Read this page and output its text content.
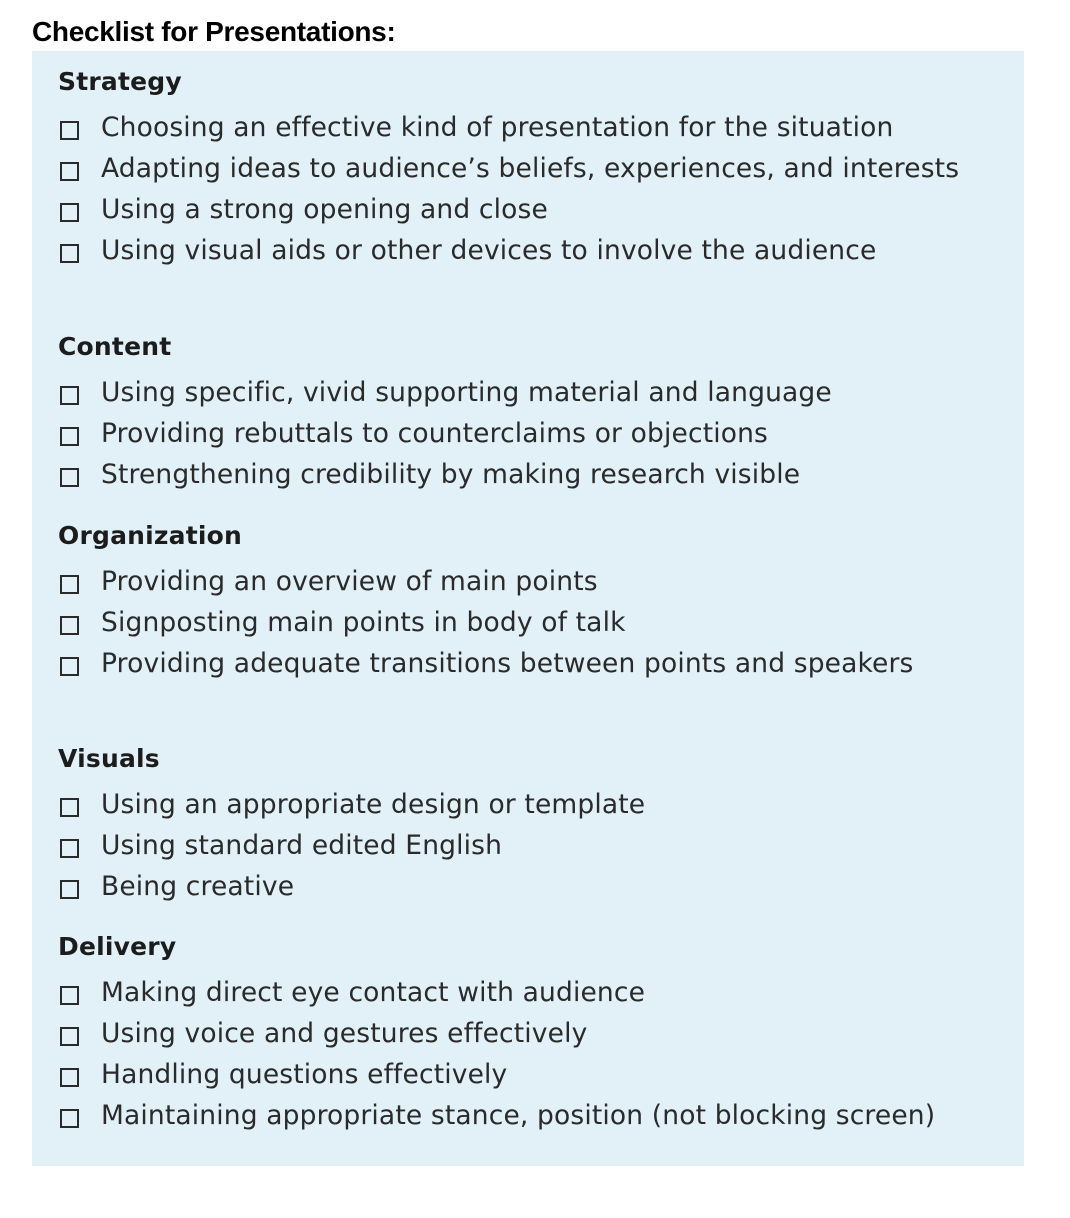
Checklist for Presentations:
Strategy
Choosing an effective kind of presentation for the situation
Adapting ideas to audience’s beliefs, experiences, and interests
Using a strong opening and close
Using visual aids or other devices to involve the audience
Content
Using specific, vivid supporting material and language
Providing rebuttals to counterclaims or objections
Strengthening credibility by making research visible
Organization
Providing an overview of main points
Signposting main points in body of talk
Providing adequate transitions between points and speakers
Visuals
Using an appropriate design or template
Using standard edited English
Being creative
Delivery
Making direct eye contact with audience
Using voice and gestures effectively
Handling questions effectively
Maintaining appropriate stance, position (not blocking screen)
